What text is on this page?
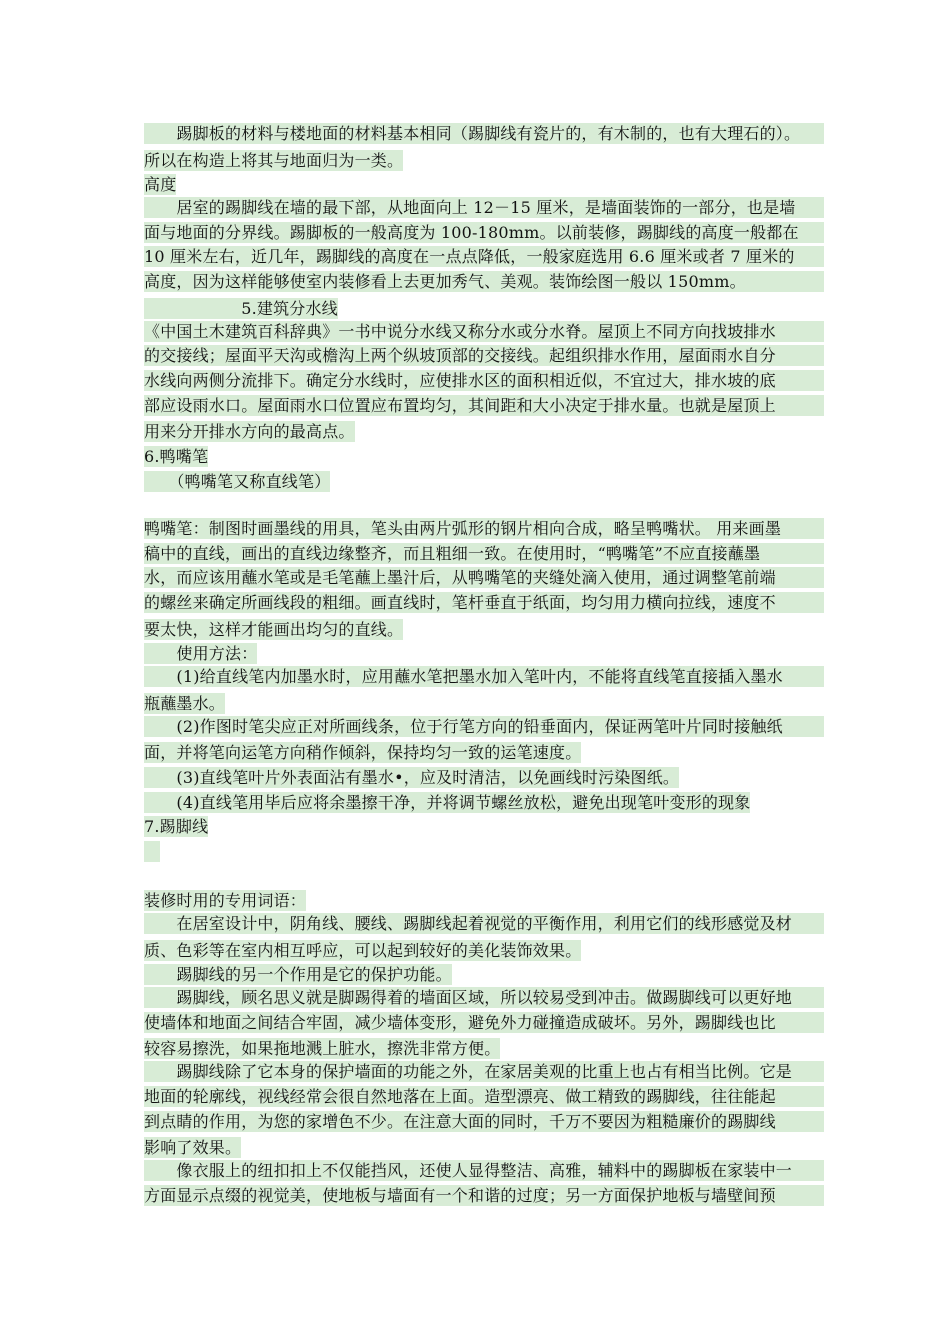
　　踢脚板的材料与楼地面的材料基本相同（踢脚线有瓷片的，有木制的，也有大理石的）。
所以在构造上将其与地面归为一类。
高度
　　居室的踢脚线在墙的最下部，从地面向上 12－15 厘米，是墙面装饰的一部分，也是墙
面与地面的分界线。踢脚板的一般高度为 100-180mm。以前装修，踢脚线的高度一般都在
10 厘米左右，近几年，踢脚线的高度在一点点降低，一般家庭选用 6.6 厘米或者 7 厘米的
高度，因为这样能够使室内装修看上去更加秀气、美观。装饰绘图一般以 150mm。
　　　　　　5.建筑分水线
《中国土木建筑百科辞典》一书中说分水线又称分水或分水脊。屋顶上不同方向找坡排水
的交接线；屋面平天沟或檐沟上两个纵坡顶部的交接线。起组织排水作用，屋面雨水自分
水线向两侧分流排下。确定分水线时，应使排水区的面积相近似，不宜过大，排水坡的底
部应设雨水口。屋面雨水口位置应布置均匀，其间距和大小决定于排水量。也就是屋顶上
用来分开排水方向的最高点。
6.鸭嘴笔
　　（鸭嘴笔又称直线笔）
鸭嘴笔：制图时画墨线的用具，笔头由两片弧形的钢片相向合成，略呈鸭嘴状。 用来画墨
稿中的直线，画出的直线边缘整齐，而且粗细一致。在使用时，“鸭嘴笔”不应直接蘸墨
水，而应该用蘸水笔或是毛笔蘸上墨汁后，从鸭嘴笔的夹缝处滴入使用，通过调整笔前端
的螺丝来确定所画线段的粗细。画直线时，笔杆垂直于纸面，均匀用力横向拉线，速度不
要太快，这样才能画出均匀的直线。
　　使用方法：
　　(1)给直线笔内加墨水时，应用蘸水笔把墨水加入笔叶内，不能将直线笔直接插入墨水
瓶蘸墨水。
　　(2)作图时笔尖应正对所画线条，位于行笔方向的铅垂面内，保证两笔叶片同时接触纸
面，并将笔向运笔方向稍作倾斜，保持均匀一致的运笔速度。
　　(3)直线笔叶片外表面沾有墨水•，应及时清洁，以免画线时污染图纸。
　　(4)直线笔用毕后应将余墨擦干净，并将调节螺丝放松，避免出现笔叶变形的现象
7.踢脚线

装修时用的专用词语：
　　在居室设计中，阴角线、腰线、踢脚线起着视觉的平衡作用，利用它们的线形感觉及材
质、色彩等在室内相互呼应，可以起到较好的美化装饰效果。
　　踢脚线的另一个作用是它的保护功能。
　　踢脚线，顾名思义就是脚踢得着的墙面区域，所以较易受到冲击。做踢脚线可以更好地
使墙体和地面之间结合牢固，减少墙体变形，避免外力碰撞造成破坏。另外，踢脚线也比
较容易擦洗，如果拖地溅上脏水，擦洗非常方便。
　　踢脚线除了它本身的保护墙面的功能之外，在家居美观的比重上也占有相当比例。它是
地面的轮廓线，视线经常会很自然地落在上面。造型漂亮、做工精致的踢脚线，往往能起
到点睛的作用，为您的家增色不少。在注意大面的同时，千万不要因为粗糙廉价的踢脚线
影响了效果。
　　像衣服上的纽扣扣上不仅能挡风，还使人显得整洁、高雅，辅料中的踢脚板在家装中一
方面显示点缀的视觉美，使地板与墙面有一个和谐的过度；另一方面保护地板与墙壁间预
